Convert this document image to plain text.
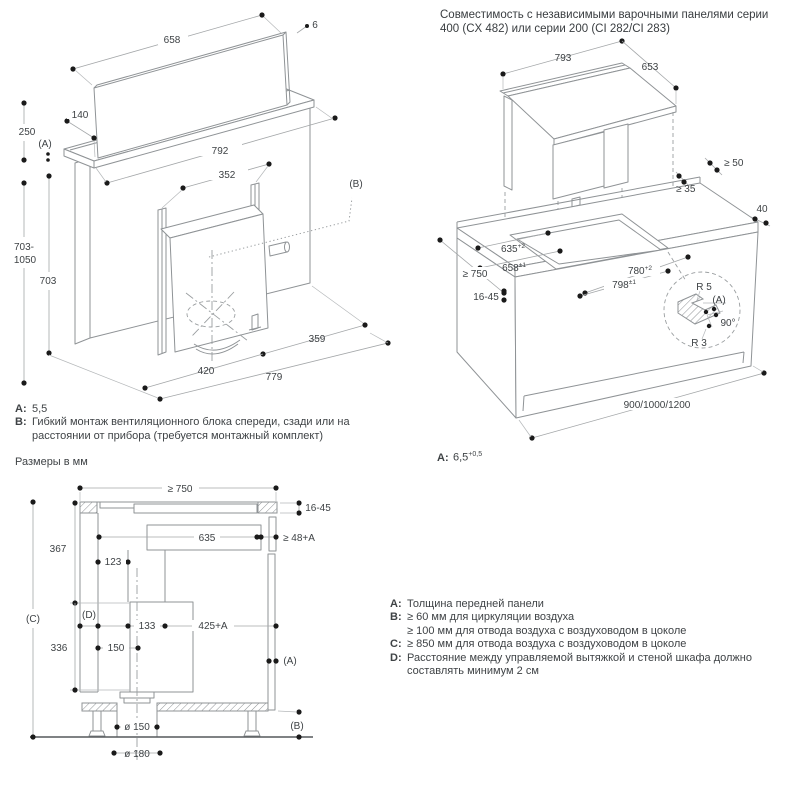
658
6
140
250
(A)
792
352
(B)
703-
1050
703
359
420
779
793
653
≥ 50
≥ 35
40
$635^{+2}$
$658^{\pm 1}$
≥ 750	$780^{+2}$
$798^{\pm 1}$
16-45
R 5
(A)
90°
R 3
900/1000/1200
≥ 750
16-45
635	≥ 48+A
367
123
(C)	(D)
133	425+A
336	150
(A)
ø 150	(B)
ø 180
Совместимость с независимыми варочными панелями серии
400 (CX 482) или серии 200 (CI 282/CI 283)
A: 5,5
B: Гибкий монтаж вентиляционного блока спереди, сзади или на
расстоянии от прибора (требуется монтажный комплект)
Размеры в мм	A: $6,5^{+0,5}$
A: Толщина передней панели
B: ≥ 60 мм для циркуляции воздуха
≥ 100 мм для отвода воздуха с воздуховодом в цоколе
C: ≥ 850 мм для отвода воздуха с воздуховодом в цоколе
D: Расстояние между управляемой вытяжкой и стеной шкафа должно
составлять минимум 2 см
